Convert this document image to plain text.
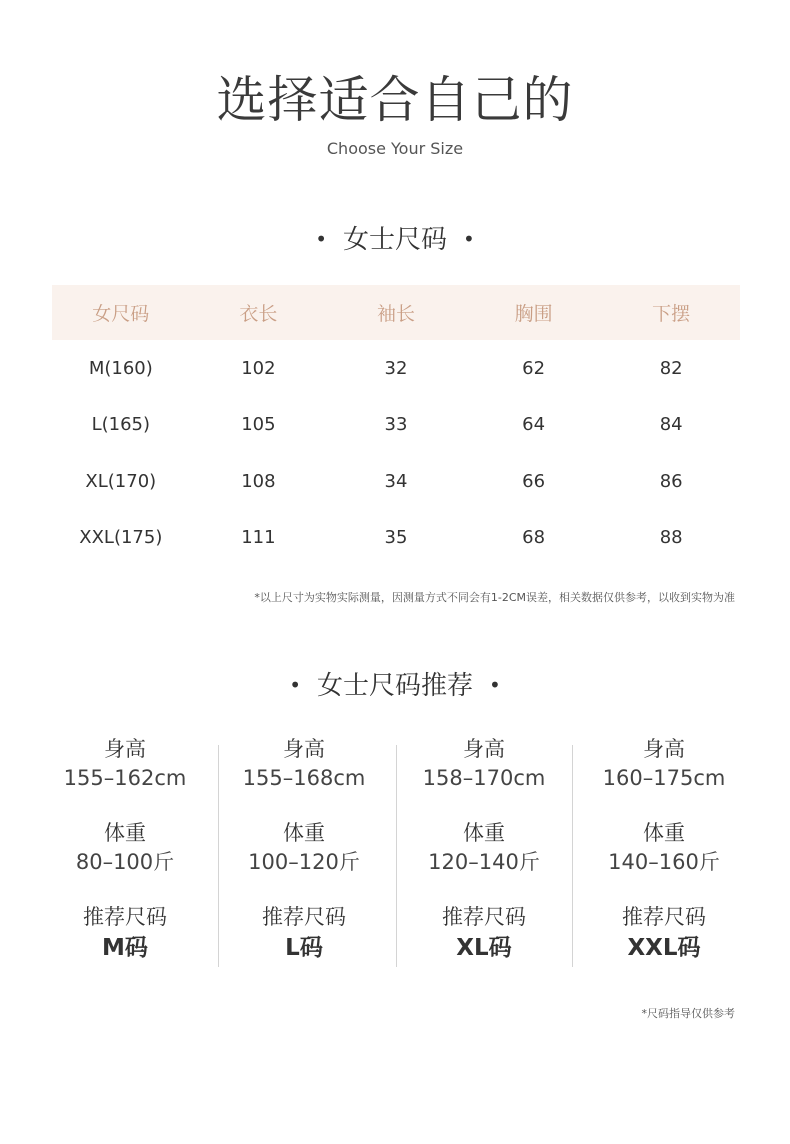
选择适合自己的
Choose Your Size
• 女士尺码 •
女尺码	衣长	袖长	胸围	下摆
M(160)	102	32	62	82
L(165)	105	33	64	84
XL(170)	108	34	66	86
XXL(175)	111	35	68	88
*以上尺寸为实物实际测量，因测量方式不同会有1-2CM误差，相关数据仅供参考，以收到实物为准
• 女士尺码推荐 •
身高
155–162cm
体重
80–100斤
推荐尺码
M码
身高
155–168cm
体重
100–120斤
推荐尺码
L码
身高
158–170cm
体重
120–140斤
推荐尺码
XL码
身高
160–175cm
体重
140–160斤
推荐尺码
XXL码
*尺码指导仅供参考
